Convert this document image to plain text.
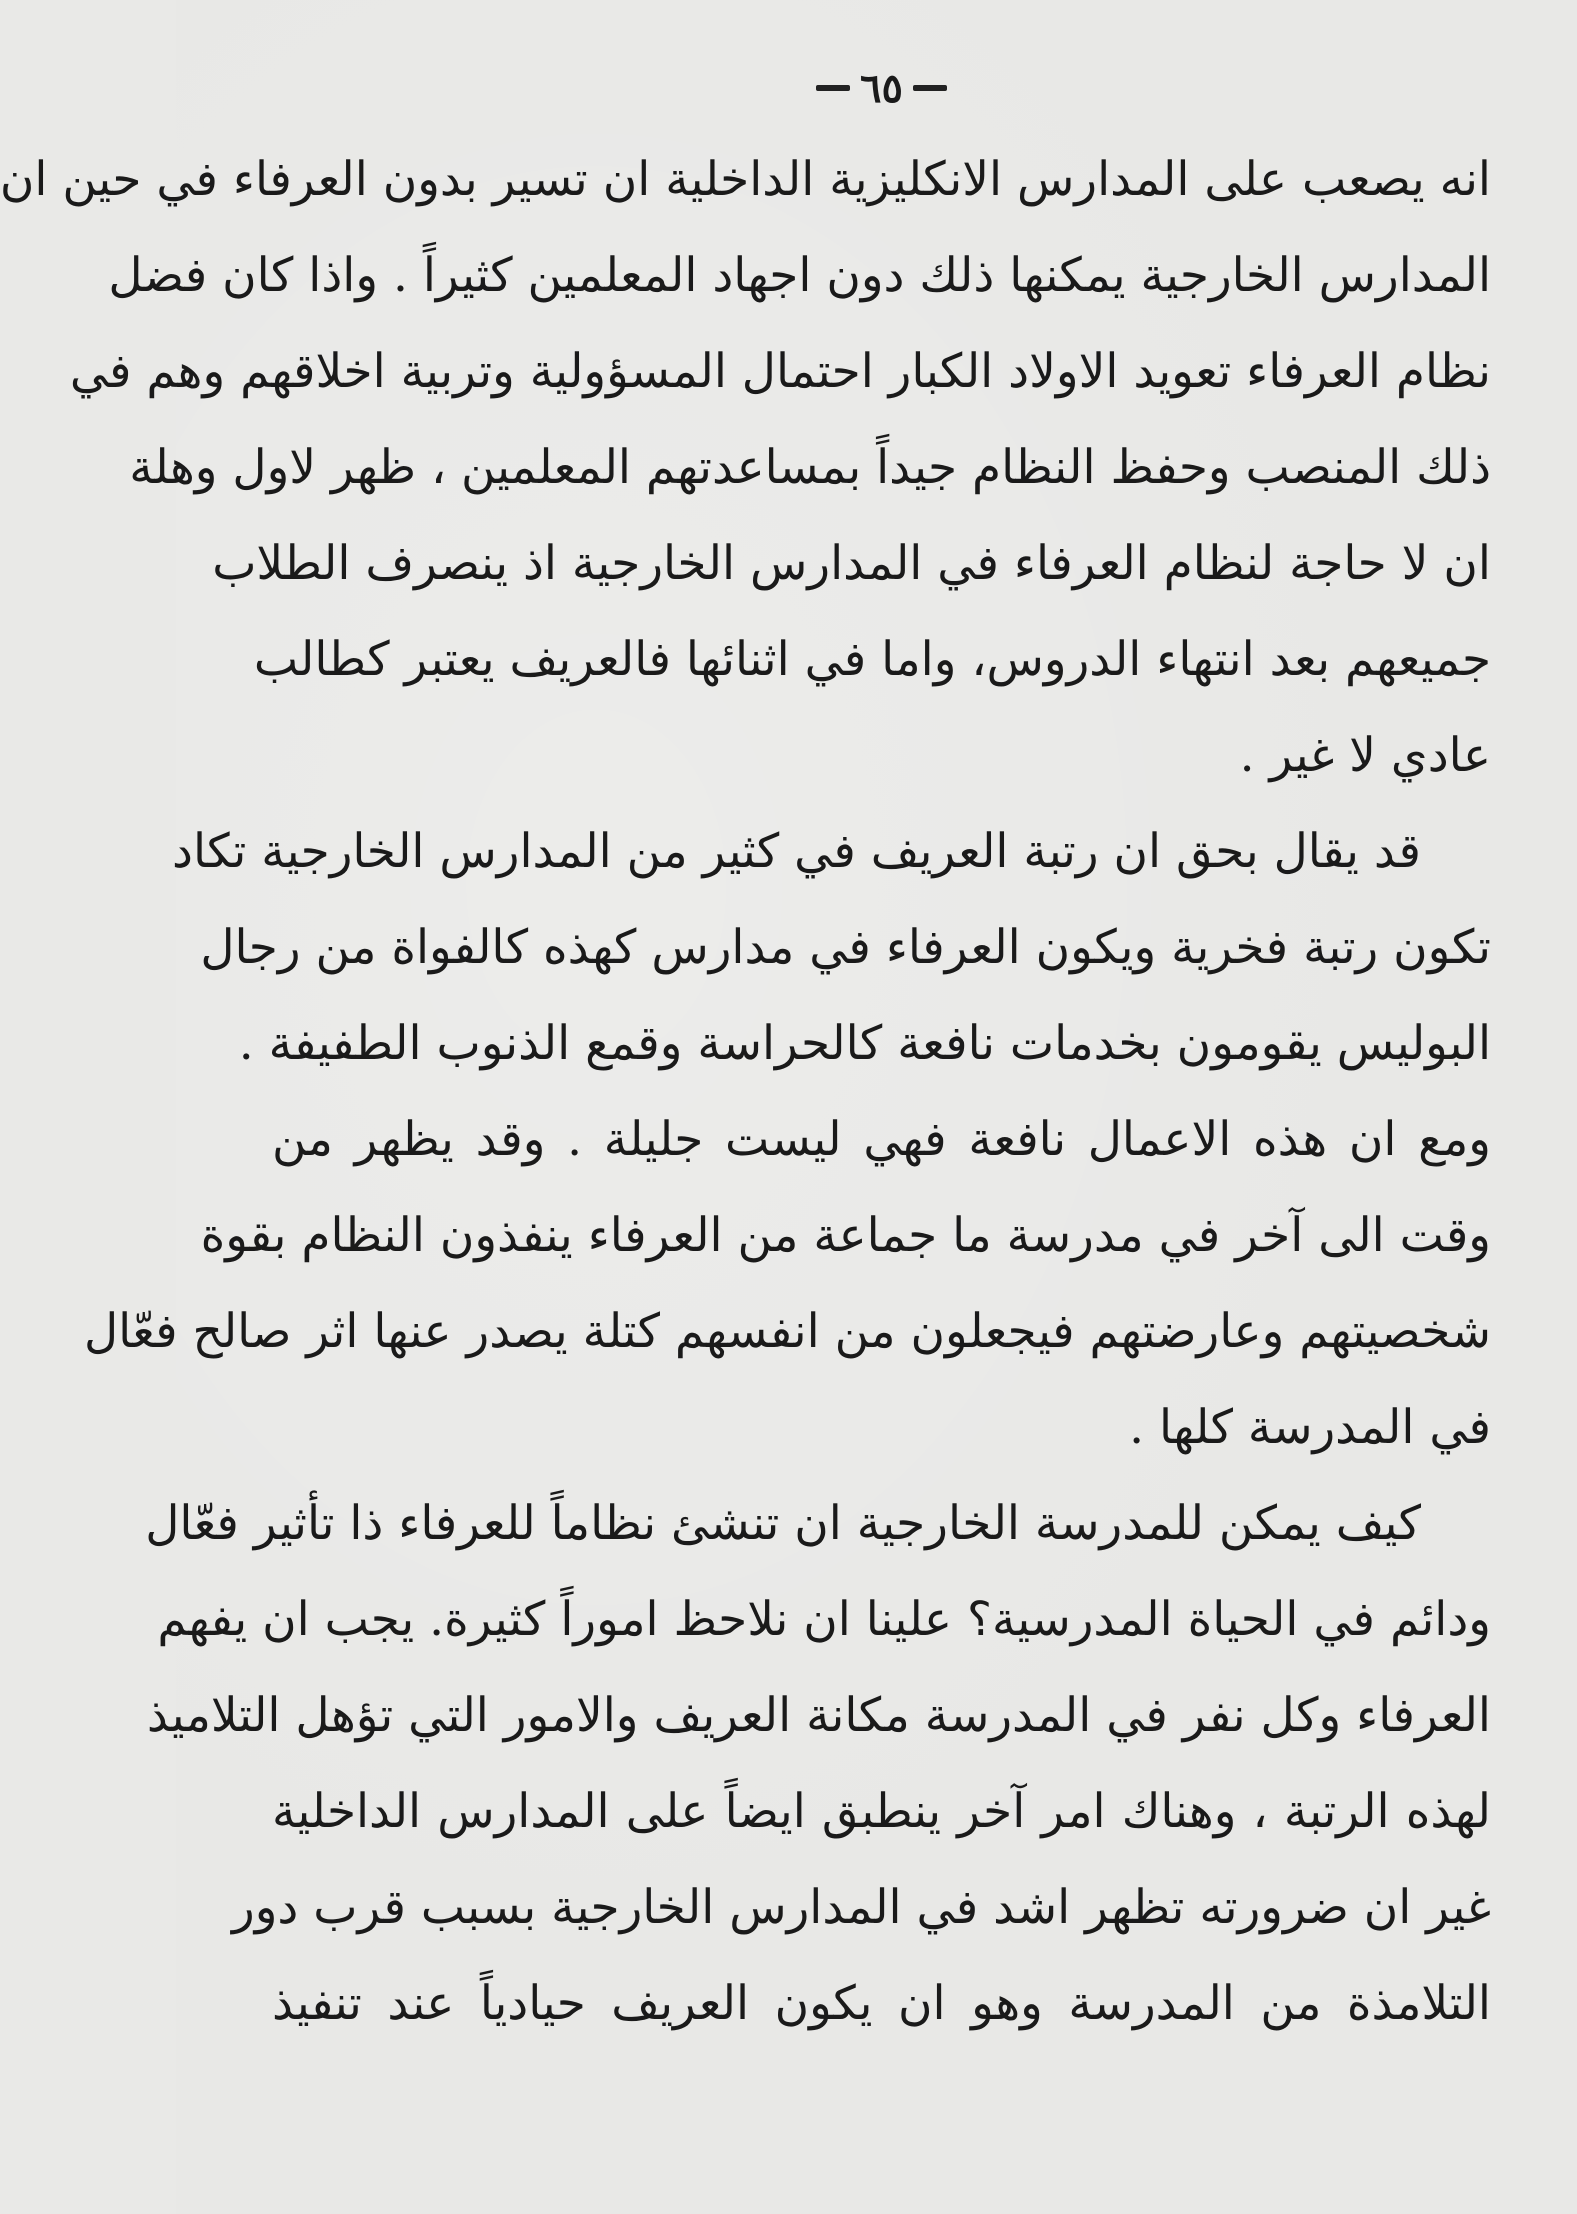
٦٥

انه يصعب على المدارس الانكليزية الداخلية ان تسير بدون العرفاء في حين ان
المدارس الخارجية يمكنها ذلك دون اجهاد المعلمين كثيراً . واذا كان فضل
نظام العرفاء تعويد الاولاد الكبار احتمال المسؤولية وتربية اخلاقهم وهم في
ذلك المنصب وحفظ النظام جيداً بمساعدتهم المعلمين ، ظهر لاول وهلة
ان لا حاجة لنظام العرفاء في المدارس الخارجية اذ ينصرف الطلاب
جميعهم بعد انتهاء الدروس، واما في اثنائها فالعريف يعتبر كطالب
عادي لا غير .

قد يقال بحق ان رتبة العريف في كثير من المدارس الخارجية تكاد
تكون رتبة فخرية ويكون العرفاء في مدارس كهذه كالفواة من رجال
البوليس يقومون بخدمات نافعة كالحراسة وقمع الذنوب الطفيفة .
ومع ان هذه الاعمال نافعة فهي ليست جليلة . وقد يظهر من
وقت الى آخر في مدرسة ما جماعة من العرفاء ينفذون النظام بقوة
شخصيتهم وعارضتهم فيجعلون من انفسهم كتلة يصدر عنها اثر صالح فعّال
في المدرسة كلها .

كيف يمكن للمدرسة الخارجية ان تنشئ نظاماً للعرفاء ذا تأثير فعّال
ودائم في الحياة المدرسية؟ علينا ان نلاحظ اموراً كثيرة. يجب ان يفهم
العرفاء وكل نفر في المدرسة مكانة العريف والامور التي تؤهل التلاميذ
لهذه الرتبة ، وهناك امر آخر ينطبق ايضاً على المدارس الداخلية
غير ان ضرورته تظهر اشد في المدارس الخارجية بسبب قرب دور
التلامذة من المدرسة وهو ان يكون العريف حيادياً عند تنفيذ
